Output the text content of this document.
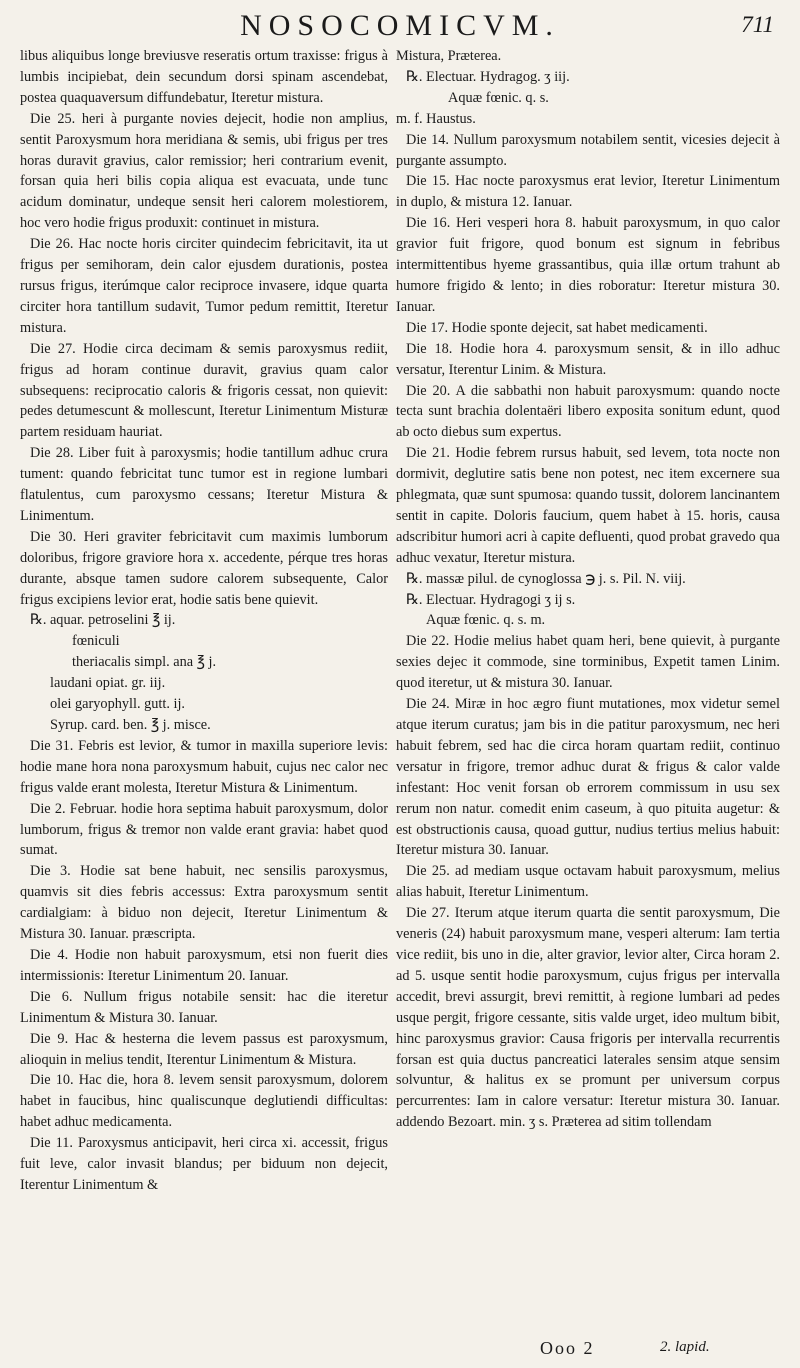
NOSOCOMICVM.	711

libus aliquibus longe breviusve reseratis ortum traxisse: frigus à lumbis incipiebat, dein secundum dorsi spinam ascendebat, postea quaquaversum diffundebatur, Iteretur mistura.

Die 25. heri à purgante novies dejecit, hodie non amplius, sentit Paroxysmum hora meridiana & semis, ubi frigus per tres horas duravit gravius, calor remissior; heri contrarium evenit, forsan quia heri bilis copia aliqua est evacuata, unde tunc acidum dominatur, undeque sensit heri calorem molestiorem, hoc vero hodie frigus produxit: continuet in mistura.

Die 26. Hac nocte horis circiter quindecim febricitavit, ita ut frigus per semihoram, dein calor ejusdem durationis, postea rursus frigus, iterúmque calor reciproce invasere, idque quarta circiter hora tantillum sudavit, Tumor pedum remittit, Iteretur mistura.

Die 27. Hodie circa decimam & semis paroxysmus rediit, frigus ad horam continue duravit, gravius quam calor subsequens: reciprocatio caloris & frigoris cessat, non quievit: pedes detumescunt & mollescunt, Iteretur Linimentum Misturæ partem residuam hauriat.

Die 28. Liber fuit à paroxysmis; hodie tantillum adhuc crura tument: quando febricitat tunc tumor est in regione lumbari flatulentus, cum paroxysmo cessans; Iteretur Mistura & Linimentum.

Die 30. Heri graviter febricitavit cum maximis lumborum doloribus, frigore graviore hora x. accedente, pérque tres horas durante, absque tamen sudore calorem subsequente, Calor frigus excipiens levior erat, hodie satis bene quievit.

℞. aquar. petroselini ℥ ij.

fœniculi

theriacalis simpl. ana ℥ j.

laudani opiat. gr. iij.

olei garyophyll. gutt. ij.

Syrup. card. ben. ℥ j. misce.

Die 31. Febris est levior, & tumor in maxilla superiore levis: hodie mane hora nona paroxysmum habuit, cujus nec calor nec frigus valde erant molesta, Iteretur Mistura & Linimentum.

Die 2. Februar. hodie hora septima habuit paroxysmum, dolor lumborum, frigus & tremor non valde erant gravia: habet quod sumat.

Die 3. Hodie sat bene habuit, nec sensilis paroxysmus, quamvis sit dies febris accessus: Extra paroxysmum sentit cardialgiam: à biduo non dejecit, Iteretur Linimentum & Mistura 30. Ianuar. præscripta.

Die 4. Hodie non habuit paroxysmum, etsi non fuerit dies intermissionis: Iteretur Linimentum 20. Ianuar.

Die 6. Nullum frigus notabile sensit: hac die iteretur Linimentum & Mistura 30. Ianuar.

Die 9. Hac & hesterna die levem passus est paroxysmum, alioquin in melius tendit, Iterentur Linimentum & Mistura.

Die 10. Hac die, hora 8. levem sensit paroxysmum, dolorem habet in faucibus, hinc qualiscunque deglutiendi difficultas: habet adhuc medicamenta.

Die 11. Paroxysmus anticipavit, heri circa xi. accessit, frigus fuit leve, calor invasit blandus; per biduum non dejecit, Iterentur Linimentum &

Mistura, Præterea.

℞. Electuar. Hydragog. ʒ iij.

Aquæ fœnic. q. s.

m. f. Haustus.

Die 14. Nullum paroxysmum notabilem sentit, vicesies dejecit à purgante assumpto.

Die 15. Hac nocte paroxysmus erat levior, Iteretur Linimentum in duplo, & mistura 12. Ianuar.

Die 16. Heri vesperi hora 8. habuit paroxysmum, in quo calor gravior fuit frigore, quod bonum est signum in febribus intermittentibus hyeme grassantibus, quia illæ ortum trahunt ab humore frigido & lento; in dies roboratur: Iteretur mistura 30. Ianuar.

Die 17. Hodie sponte dejecit, sat habet medicamenti.

Die 18. Hodie hora 4. paroxysmum sensit, & in illo adhuc versatur, Iterentur Linim. & Mistura.

Die 20. A die sabbathi non habuit paroxysmum: quando nocte tecta sunt brachia dolentaëri libero exposita sonitum edunt, quod ab octo diebus sum expertus.

Die 21. Hodie febrem rursus habuit, sed levem, tota nocte non dormivit, deglutire satis bene non potest, nec item excernere sua phlegmata, quæ sunt spumosa: quando tussit, dolorem lancinantem sentit in capite. Doloris faucium, quem habet à 15. horis, causa adscribitur humori acri à capite defluenti, quod probat gravedo qua adhuc vexatur, Iteretur mistura.

℞. massæ pilul. de cynoglossa ℈ j. s. Pil. N. viij.

℞. Electuar. Hydragogi ʒ ij s.

Aquæ fœnic. q. s. m.

Die 22. Hodie melius habet quam heri, bene quievit, à purgante sexies dejec it commode, sine torminibus, Expetit tamen Linim. quod iteretur, ut & mistura 30. Ianuar.

Die 24. Miræ in hoc ægro fiunt mutationes, mox videtur semel atque iterum curatus; jam bis in die patitur paroxysmum, nec heri habuit febrem, sed hac die circa horam quartam rediit, continuo versatur in frigore, tremor adhuc durat & frigus & calor valde infestant: Hoc venit forsan ob errorem commissum in usu sex rerum non natur. comedit enim caseum, à quo pituita augetur: & est obstructionis causa, quoad guttur, nudius tertius melius habuit: Iteretur mistura 30. Ianuar.

Die 25. ad mediam usque octavam habuit paroxysmum, melius alias habuit, Iteretur Linimentum.

Die 27. Iterum atque iterum quarta die sentit paroxysmum, Die veneris (24) habuit paroxysmum mane, vesperi alterum: Iam tertia vice rediit, bis uno in die, alter gravior, levior alter, Circa horam 2. ad 5. usque sentit hodie paroxysmum, cujus frigus per intervalla accedit, brevi assurgit, brevi remittit, à regione lumbari ad pedes usque pergit, frigore cessante, sitis valde urget, ideo multum bibit, hinc paroxysmus gravior: Causa frigoris per intervalla recurrentis forsan est quia ductus pancreatici laterales sensim atque sensim solvuntur, & halitus ex se promunt per universum corpus percurrentes: Iam in calore versatur: Iteretur mistura 30. Ianuar. addendo Bezoart. min. ʒ s. Præterea ad sitim tollendam

Ooo 2	2. lapid.
